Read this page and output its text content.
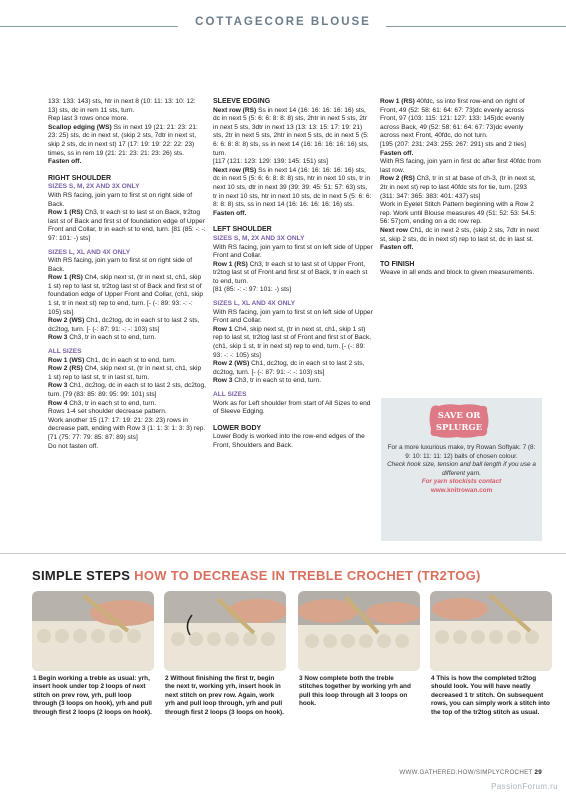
COTTAGECORE BLOUSE

133: 133: 143) sts, htr in next 8 (10: 11: 13: 10: 12: 13) sts, dc in rem 11 sts, turn.

Rep last 3 rows once more.

Scallop edging (WS) Ss in next 19 (21: 21: 23: 21: 23: 25) sts, dc in next st, (skip 2 sts, 7dtr in next st, skip 2 sts, dc in next st) 17 (17: 19: 19: 22: 22: 23) times, ss in rem 19 (21: 21: 23: 21: 23: 26) sts.

Fasten off.

RIGHT SHOULDER

SIZES S, M, 2X AND 3X ONLY

With RS facing, join yarn to first st on right side of Back.

Row 1 (RS) Ch3, tr each st to last st on Back, tr2tog last st of Back and first st of foundation edge of Upper Front and Collar, tr in each st to end, turn. [81 (85: -: -: 97: 101: -) sts]

SIZES L, XL AND 4X ONLY

With RS facing, join yarn to first st on right side of Back.

Row 1 (RS) Ch4, skip next st, (tr in next st, ch1, skip 1 st) rep to last st, tr2tog last st of Back and first st of foundation edge of Upper Front and Collar, (ch1, skip 1 st, tr in next st) rep to end, turn. [- (-: 89: 93: -: -: 105) sts]

Row 2 (WS) Ch1, dc2tog, dc in each st to last 2 sts, dc2tog, turn. [- (-: 87: 91: -: -: 103) sts]

Row 3 Ch3, tr in each st to end, turn.

ALL SIZES

Row 1 (WS) Ch1, dc in each st to end, turn.

Row 2 (RS) Ch4, skip next st, (tr in next st, ch1, skip 1 st) rep to last st, tr in last st, turn.

Row 3 Ch1, dc2tog, dc in each st to last 2 sts, dc2tog, turn. [79 (83: 85: 89: 95: 99: 101) sts]

Row 4 Ch3, tr in each st to end, turn.

Rows 1-4 set shoulder decrease pattern.

Work another 15 (17: 17: 19: 21: 23: 23) rows in decrease patt, ending with Row 3 (1: 1: 3: 1: 3: 3) rep. [71 (75: 77: 79: 85: 87: 89) sts]

Do not fasten off.

SLEEVE EDGING

Next row (RS) Ss in next 14 (16: 16: 16: 16: 16) sts, dc in next 5 (5: 6: 6: 8: 8: 8) sts, 2htr in next 5 sts, 2tr in next 5 sts, 3dtr in next 13 (13: 13: 15: 17: 19: 21) sts, 2tr in next 5 sts, 2htr in next 5 sts, dc in next 5 (5: 6: 6: 8: 8: 8) sts, ss in next 14 (16: 16: 16: 16: 16) sts, turn.

[117 (121: 123: 129: 139: 145: 151) sts]

Next row (RS) Ss in next 14 (16: 16: 16: 16: 16) sts, dc in next 5 (5: 6: 6: 8: 8: 8) sts, htr in next 10 sts, tr in next 10 sts, dtr in next 39 (39: 39: 45: 51: 57: 63) sts, tr in next 10 sts, htr in next 10 sts, dc in next 5 (5: 6: 6: 8: 8: 8) sts, ss in next 14 (16: 16: 16: 16: 16) sts.

Fasten off.

LEFT SHOULDER

SIZES S, M, 2X AND 3X ONLY

With RS facing, join yarn to first st on left side of Upper Front and Collar.

Row 1 (RS) Ch3, tr each st to last st of Upper Front, tr2tog last st of Front and first st of Back, tr in each st to end, turn.

[81 (85: -: -: 97: 101: -) sts]

SIZES L, XL AND 4X ONLY

With RS facing, join yarn to first st on left side of Upper Front and Collar.

Row 1 Ch4, skip next st, (tr in next st, ch1, skip 1 st) rep to last st, tr2tog last st of Front and first st of Back, (ch1, skip 1 st, tr in next st) rep to end, turn. [- (-: 89: 93: -: -: 105) sts]

Row 2 (WS) Ch1, dc2tog, dc in each st to last 2 sts, dc2tog, turn. [- (-: 87: 91: -: -: 103) sts]

Row 3 Ch3, tr in each st to end, turn.

ALL SIZES

Work as for Left shoulder from start of All Sizes to end of Sleeve Edging.

LOWER BODY

Lower Body is worked into the row-end edges of the Front, Shoulders and Back.

Row 1 (RS) 40fdc, ss into first row-end on right of Front, 49 (52: 58: 61: 64: 67: 73)dc evenly across Front, 97 (103: 115: 121: 127: 133: 145)dc evenly across Back, 49 (52: 58: 61: 64: 67: 73)dc evenly across next Front, 40fdc, do not turn.

[195 (207: 231: 243: 255: 267: 291) sts and 2 ties]

Fasten off.

With RS facing, join yarn in first dc after first 40fdc from last row.

Row 2 (RS) Ch3, tr in st at base of ch-3, (tr in next st, 2tr in next st) rep to last 40fdc sts for tie, turn. [293 (311: 347: 365: 383: 401: 437) sts]

Work in Eyelet Stitch Pattern beginning with a Row 2 rep. Work until Blouse measures 49 (51: 52: 53: 54.5: 56: 57)cm, ending on a dc row rep.

Next row Ch1, dc in next 2 sts, (skip 2 sts, 7dtr in next st, skip 2 sts, dc in next st) rep to last st, dc in last st.

Fasten off.

TO FINISH

Weave in all ends and block to given measurements.

SAVE OR
SPLURGE
For a more luxurious make, try Rowan Softyak: 7 (8: 9: 10: 11: 11: 12) balls of chosen colour.
Check hook size, tension and ball length if you use a different yarn.
For yarn stockists contact
www.knitrowan.com
SIMPLE STEPS HOW TO DECREASE IN TREBLE CROCHET (TR2TOG)
1 Begin working a treble as usual: yrh, insert hook under top 2 loops of next stitch on prev row, yrh, pull loop through (3 loops on hook), yrh and pull through first 2 loops (2 loops on hook).
2 Without finishing the first tr, begin the next tr, working yrh, insert hook in next stitch on prev row. Again, work yrh and pull loop through, yrh and pull through first 2 loops (3 loops on hook).
3 Now complete both the treble stitches together by working yrh and pull this loop through all 3 loops on hook.
4 This is how the completed tr2tog should look. You will have neatly decreased 1 tr stitch. On subsequent rows, you can simply work a stitch into the top of the tr2tog stitch as usual.
WWW.GATHERED.HOW/SIMPLYCROCHET 29
PassionForum.ru
